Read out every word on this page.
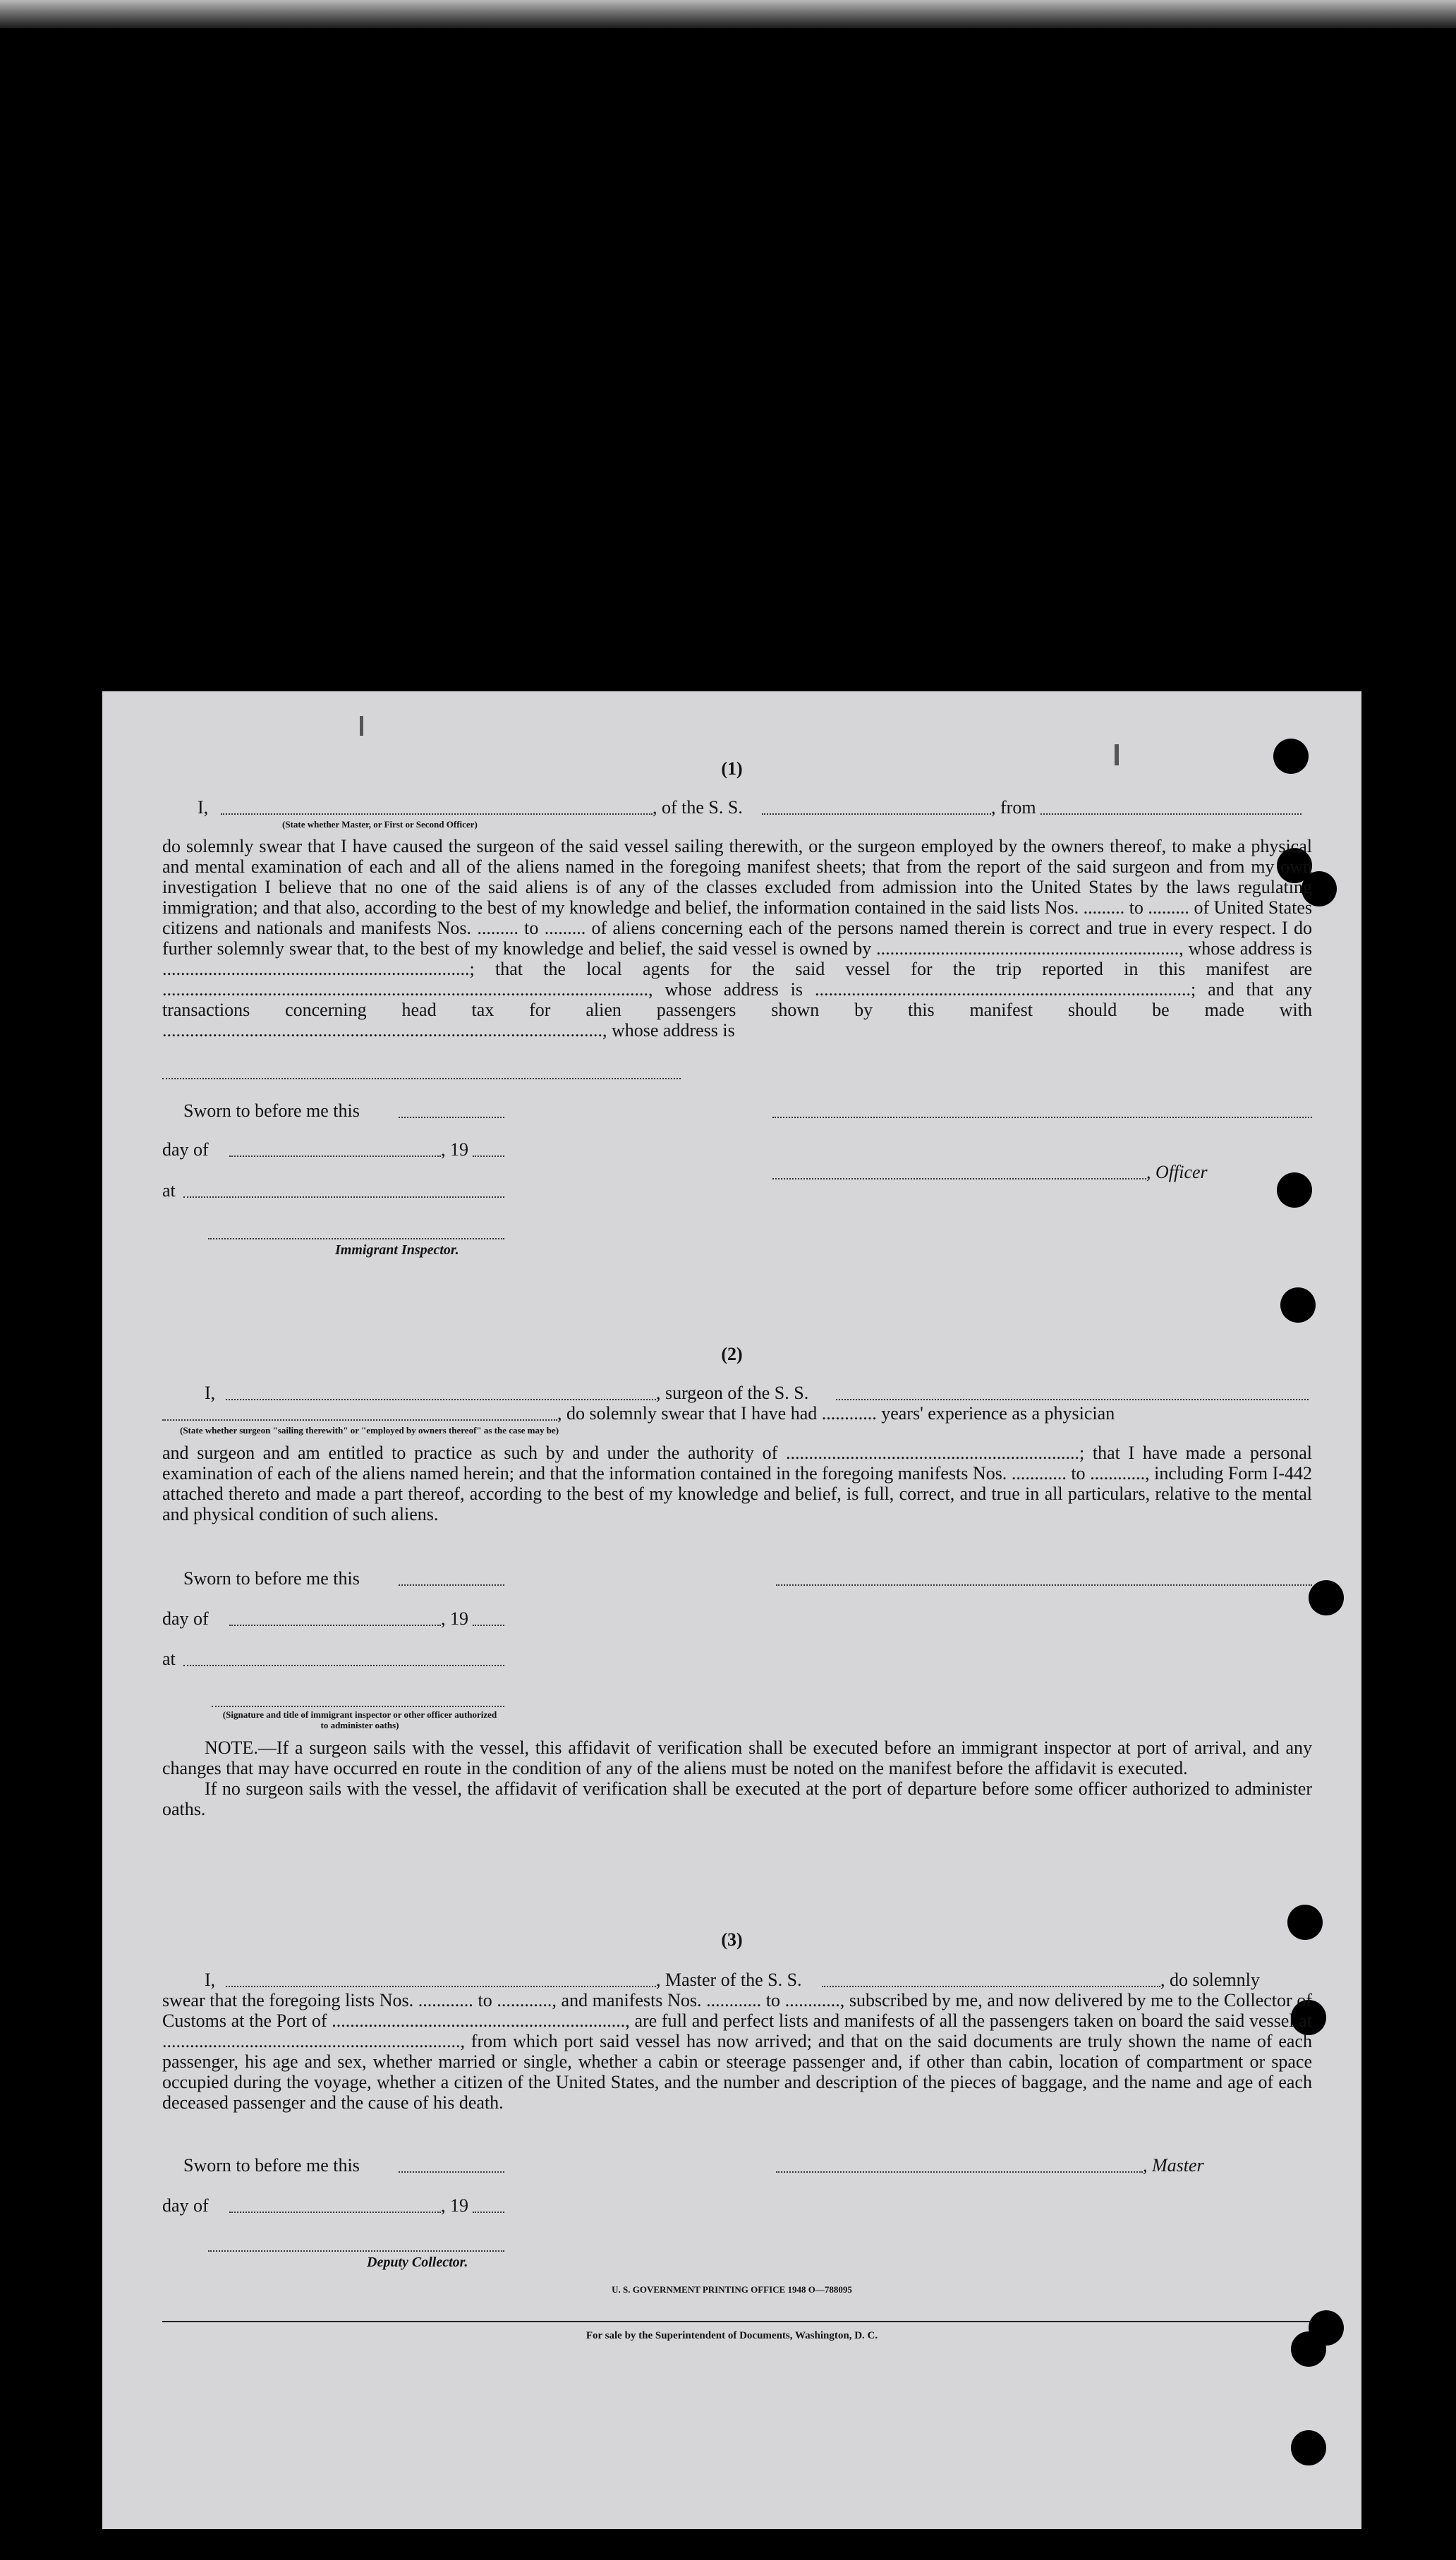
(1)
I,	, of the S. S.	, from
(State whether Master, or First or Second Officer)

do solemnly swear that I have caused the surgeon of the said vessel sailing therewith, or the surgeon employed by the owners thereof, to make a physical and mental examination of each and all of the aliens named in the foregoing manifest sheets; that from the report of the said surgeon and from my own investigation I believe that no one of the said aliens is of any of the classes excluded from admission into the United States by the laws regulating immigration; and that also, according to the best of my knowledge and belief, the information contained in the said lists Nos. ......... to ......... of United States citizens and nationals and manifests Nos. ......... to ......... of aliens concerning each of the persons named therein is correct and true in every respect. I do further solemnly swear that, to the best of my knowledge and belief, the said vessel is owned by .................................................................., whose address is ...................................................................; that the local agents for the said vessel for the trip reported in this manifest are .........................................................................................................., whose address is ..................................................................................; and that any transactions concerning head tax for alien passengers shown by this manifest should be made with ................................................................................................, whose address is

Sworn to before me this
day of	, 19
, Officer
at
Immigrant Inspector.
(2)
I,	, surgeon of the S. S.
, do solemnly swear that I have had ............ years' experience as a physician
(State whether surgeon "sailing therewith" or "employed by owners thereof" as the case may be)

and surgeon and am entitled to practice as such by and under the authority of ................................................................; that I have made a personal examination of each of the aliens named herein; and that the information contained in the foregoing manifests Nos. ............ to ............, including Form I-442 attached thereto and made a part thereof, according to the best of my knowledge and belief, is full, correct, and true in all particulars, relative to the mental and physical condition of such aliens.

Sworn to before me this
day of	, 19
at
(Signature and title of immigrant inspector or other officer authorized to administer oaths)

NOTE.—If a surgeon sails with the vessel, this affidavit of verification shall be executed before an immigrant inspector at port of arrival, and any changes that may have occurred en route in the condition of any of the aliens must be noted on the manifest before the affidavit is executed.

If no surgeon sails with the vessel, the affidavit of verification shall be executed at the port of departure before some officer authorized to administer oaths.

(3)
I,	, Master of the S. S.	, do solemnly

swear that the foregoing lists Nos. ............ to ............, and manifests Nos. ............ to ............, subscribed by me, and now delivered by me to the Collector of Customs at the Port of ................................................................, are full and perfect lists and manifests of all the passengers taken on board the said vessel at ................................................................., from which port said vessel has now arrived; and that on the said documents are truly shown the name of each passenger, his age and sex, whether married or single, whether a cabin or steerage passenger and, if other than cabin, location of compartment or space occupied during the voyage, whether a citizen of the United States, and the number and description of the pieces of baggage, and the name and age of each deceased passenger and the cause of his death.

Sworn to before me this	, Master
day of	, 19
Deputy Collector.
U. S. GOVERNMENT PRINTING OFFICE 1948 O—788095
For sale by the Superintendent of Documents, Washington, D. C.
